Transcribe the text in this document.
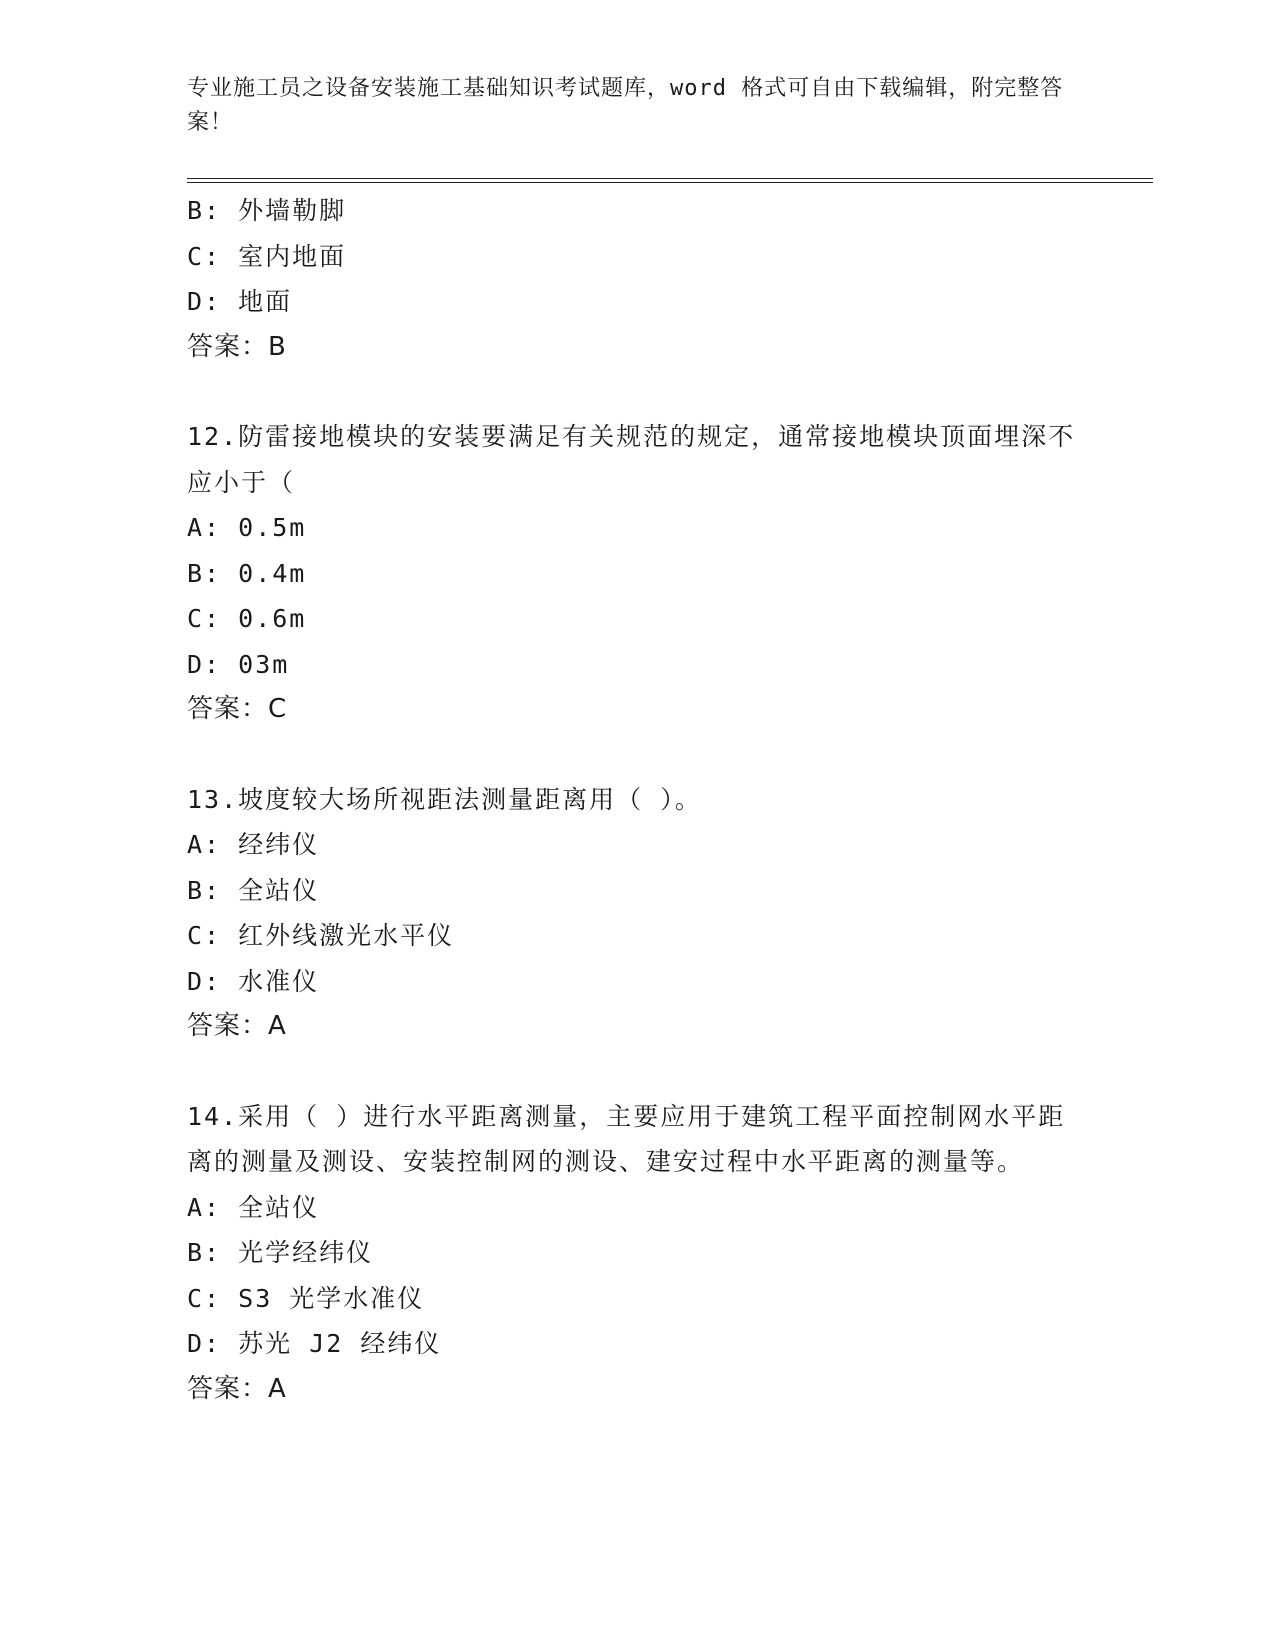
专业施工员之设备安装施工基础知识考试题库，word 格式可自由下载编辑，附完整答案！
B: 外墙勒脚
C: 室内地面
D: 地面
答案：B
12.防雷接地模块的安装要满足有关规范的规定，通常接地模块顶面埋深不应小于（
A: 0.5m
B: 0.4m
C: 0.6m
D: 03m
答案：C
13.坡度较大场所视距法测量距离用（ ）。
A: 经纬仪
B: 全站仪
C: 红外线激光水平仪
D: 水准仪
答案：A
14.采用（ ）进行水平距离测量，主要应用于建筑工程平面控制网水平距离的测量及测设、安装控制网的测设、建安过程中水平距离的测量等。
A: 全站仪
B: 光学经纬仪
C: S3 光学水准仪
D: 苏光 J2 经纬仪
答案：A
